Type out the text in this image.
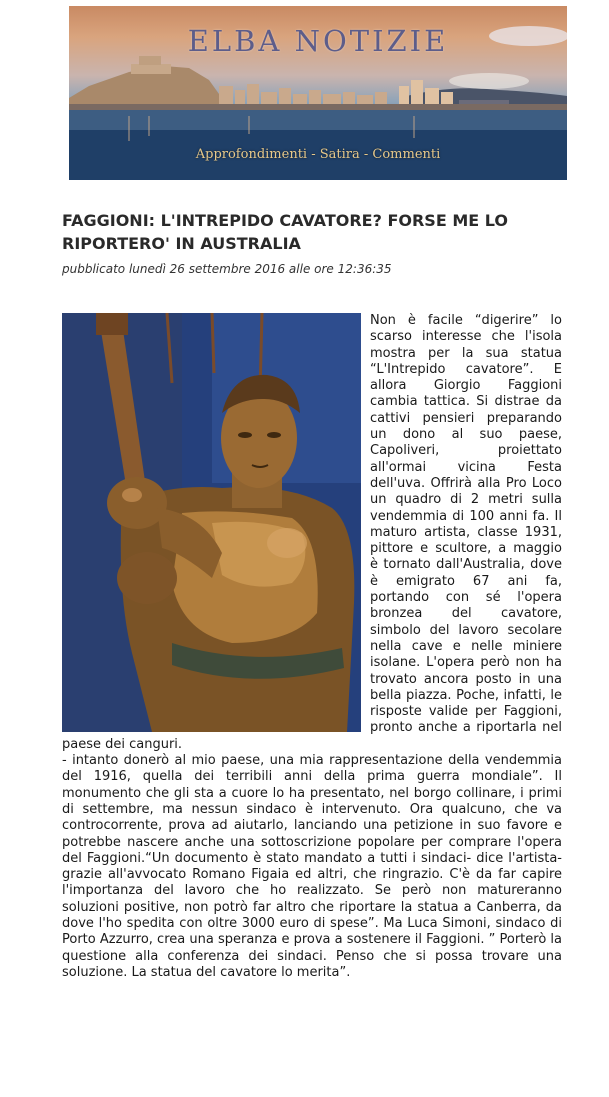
ELBA NOTIZIE
Approfondimenti - Satira - Commenti
FAGGIONI: L'INTREPIDO CAVATORE? FORSE ME LO RIPORTERO' IN AUSTRALIA
pubblicato lunedì 26 settembre 2016 alle ore 12:36:35

Non è facile “digerire” lo scarso interesse che l'isola mostra per la sua statua “L'Intrepido cavatore”. E allora Giorgio Faggioni cambia tattica. Si distrae da cattivi pensieri preparando un dono al suo paese, Capoliveri, proiettato all'ormai vicina Festa dell'uva. Offrirà alla Pro Loco un quadro di 2 metri sulla vendemmia di 100 anni fa. Il maturo artista, classe 1931, pittore e scultore, a maggio è tornato dall'Australia, dove è emigrato 67 ani fa, portando con sé l'opera bronzea del cavatore, simbolo del lavoro secolare nella cave e nelle miniere isolane. L'opera però non ha trovato ancora posto in una bella piazza. Poche, infatti, le risposte valide per Faggioni, pronto anche a riportarla nel paese dei canguri.

- intanto donerò al mio paese, una mia rappresentazione della vendemmia del 1916, quella dei terribili anni della prima guerra mondiale”. Il monumento che gli sta a cuore lo ha presentato, nel borgo collinare, i primi di settembre, ma nessun sindaco è intervenuto. Ora qualcuno, che va controcorrente, prova ad aiutarlo, lanciando una petizione in suo favore e potrebbe nascere anche una sottoscrizione popolare per comprare l'opera del Faggioni.“Un documento è stato mandato a tutti i sindaci- dice l'artista- grazie all'avvocato Romano Figaia ed altri, che ringrazio. C'è da far capire l'importanza del lavoro che ho realizzato. Se però non matureranno soluzioni positive, non potrò far altro che riportare la statua a Canberra, da dove l'ho spedita con oltre 3000 euro di spese”. Ma Luca Simoni, sindaco di Porto Azzurro, crea una speranza e prova a sostenere il Faggioni. ” Porterò la questione alla conferenza dei sindaci. Penso che si possa trovare una soluzione. La statua del cavatore lo merita”.
